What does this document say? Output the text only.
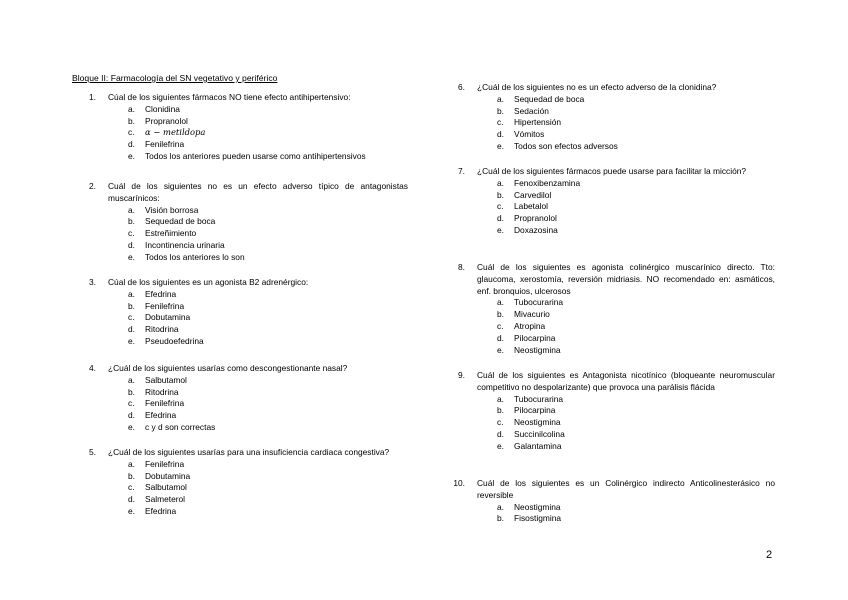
Bloque II: Farmacología del SN vegetativo y periférico
1. Cúal de los siguientes fármacos NO tiene efecto antihipertensivo:
a. Clonidina
b. Propranolol
c. α − metildopa
d. Fenilefrina
e. Todos los anteriores pueden usarse como antihipertensivos
2. Cuál de los siguientes no es un efecto adverso típico de antagonistas muscarínicos:
a. Visión borrosa
b. Sequedad de boca
c. Estreñimiento
d. Incontinencia urinaria
e. Todos los anteriores lo son
3. Cúal de los siguientes es un agonista B2 adrenérgico:
a. Efedrina
b. Fenilefrina
c. Dobutamina
d. Ritodrina
e. Pseudoefedrina
4. ¿Cuál de los siguientes usarías como descongestionante nasal?
a. Salbutamol
b. Ritodrina
c. Fenilefrina
d. Efedrina
e. c y d son correctas
5. ¿Cuál de los siguientes usarías para una insuficiencia cardiaca congestiva?
a. Fenilefrina
b. Dobutamina
c. Salbutamol
d. Salmeterol
e. Efedrina
6. ¿Cuál de los siguientes no es un efecto adverso de la clonidina?
a. Sequedad de boca
b. Sedación
c. Hipertensión
d. Vómitos
e. Todos son efectos adversos
7. ¿Cuál de los siguientes fármacos puede usarse para facilitar la micción?
a. Fenoxibenzamina
b. Carvedilol
c. Labetalol
d. Propranolol
e. Doxazosina
8. Cuál de los siguientes es agonista colinérgico muscarínico directo. Tto: glaucoma, xerostomía, reversión midriasis. NO recomendado en: asmáticos, enf. bronquios, ulcerosos
a. Tubocurarina
b. Mivacurio
c. Atropina
d. Pilocarpina
e. Neostigmina
9. Cuál de los siguientes es Antagonista nicotínico (bloqueante neuromuscular competitivo no despolarizante) que provoca una parálisis flácida
a. Tubocurarina
b. Pilocarpina
c. Neostigmina
d. Succinilcolina
e. Galantamina
10. Cuál de los siguientes es un Colinérgico indirecto Anticolinesterásico no reversible
a. Neostigmina
b. Fisostigmina
2
